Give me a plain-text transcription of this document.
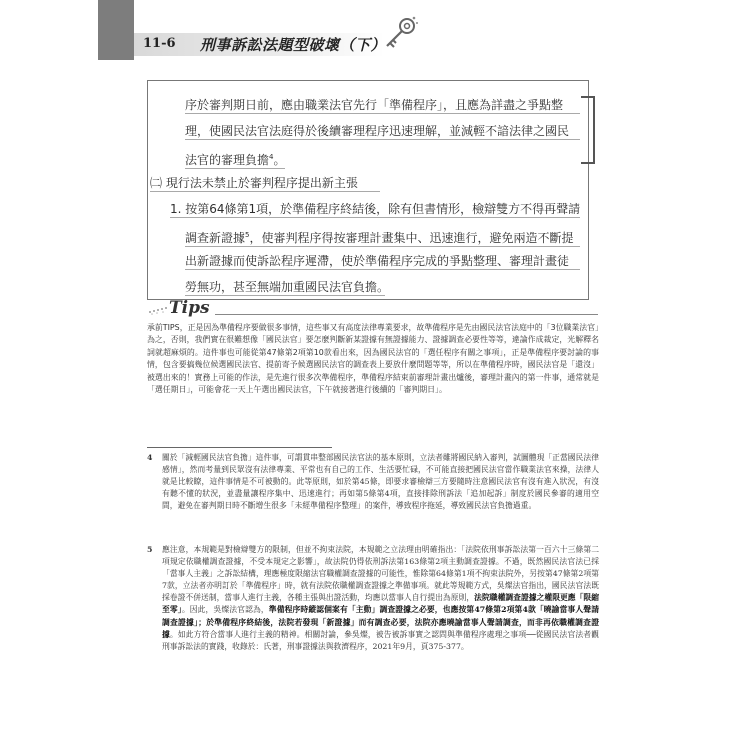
11-6 刑事訴訟法題型破壞（下）
序於審判期日前，應由職業法官先行「準備程序」，且應為詳盡之爭點整
理，使國民法官法庭得於後續審理程序迅速理解，並減輕不諳法律之國民
法官的審理負擔$^4$。
㈡ 現行法未禁止於審判程序提出新主張
1. 按第64條第1項，於準備程序終結後，除有但書情形，檢辯雙方不得再聲請
調查新證據$^5$，使審判程序得按審理計畫集中、迅速進行，避免兩造不斷提
出新證據而使訴訟程序遲滯，使於準備程序完成的爭點整理、審理計畫徒
勞無功，甚至無端加重國民法官負擔。
Tips
承前TIPS，正是因為準備程序要做很多事情，這些事又有高度法律專業要求，故準備程序是先由國民法官法庭中的「3位職業法官」為之，否則，我們實在很難想像「國民法官」要怎麼判斷新某證據有無證據能力、證據調查必要性等等，違論作成裁定，光解釋名詞就超麻煩的。這件事也可能從第47條第2項第10款看出來，因為國民法官的「選任程序有關之事項」，正是準備程序要討論的事情，包含要搞幾位候選國民法官、提前寄予候選國民法官的調查表上要放什麼問題等等，所以在準備程序時，國民法官是「還沒」被選出來的！實務上可能的作法，是先進行很多次準備程序，準備程序結束前審理計畫出爐後，審理計畫內的第一件事，通常就是「選任期日」，可能會花一天上午選出國民法官，下午就接著進行後續的「審判期日」。
4 關於「減輕國民法官負擔」這件事，可謂貫串整部國民法官法的基本原則，立法者雖將國民納入審判，試圖體現「正當國民法律感情」，然而考量到民眾沒有法律專業、平常也有自己的工作、生活要忙碌，不可能直接把國民法官當作職業法官來操，法律人就是比較瞭，這件事情是不可被動的。此等原則，如於第45條，即要求審檢辯三方要隨時注意國民法官有沒有進入狀況，有沒有聽不懂的狀況，並盡量讓程序集中、迅速進行；再如第5條第4項，直接排除刑訴法「追加起訴」制度於國民參審的適用空間，避免在審判期日時不斷增生很多「未經準備程序整理」的案件，導致程序拖延，導致國民法官負擔過重。
5 應注意，本規範是對檢辯雙方的限制，但並不拘束法院，本規範之立法理由明確指出：「法院依刑事訴訟法第一百六十三條第二項規定依職權調查證據，不受本規定之影響」，故法院仍得依刑訴法第163條第2項主動調查證據。不過，既然國民法官法已採「當事人主義」之訴訟結構，理應極度限縮法官職權調查證據的可能性，惟除第64條第1項不拘束法院外，另按第47條第2項第7款，立法者亦明訂於「準備程序」時，就有法院依職權調查證據之準備事項。就此等規範方式，吳燦法官指出，國民法官法既採卷證不併送制，當事人進行主義，各種主張與出證活動，均應以當事人自行提出為原則，法院職權調查證據之權限更應「限縮至零」。因此，吳燦法官認為，準備程序時縱認個案有「主動」調查證據之必要，也應按第47條第2項第4款「曉諭當事人聲請調查證據」；於準備程序終結後，法院若發現「新證據」而有調查必要，法院亦應曉諭當事人聲請調查，而非再依職權調查證據。如此方符合當事人進行主義的精神。相關討論，參吳燦，被告被訴事實之認問與準備程序處理之事項──從國民法官法者觀刑事訴訟法的實踐，收錄於：氏著，刑事證據法與救濟程序，2021年9月，頁375-377。
